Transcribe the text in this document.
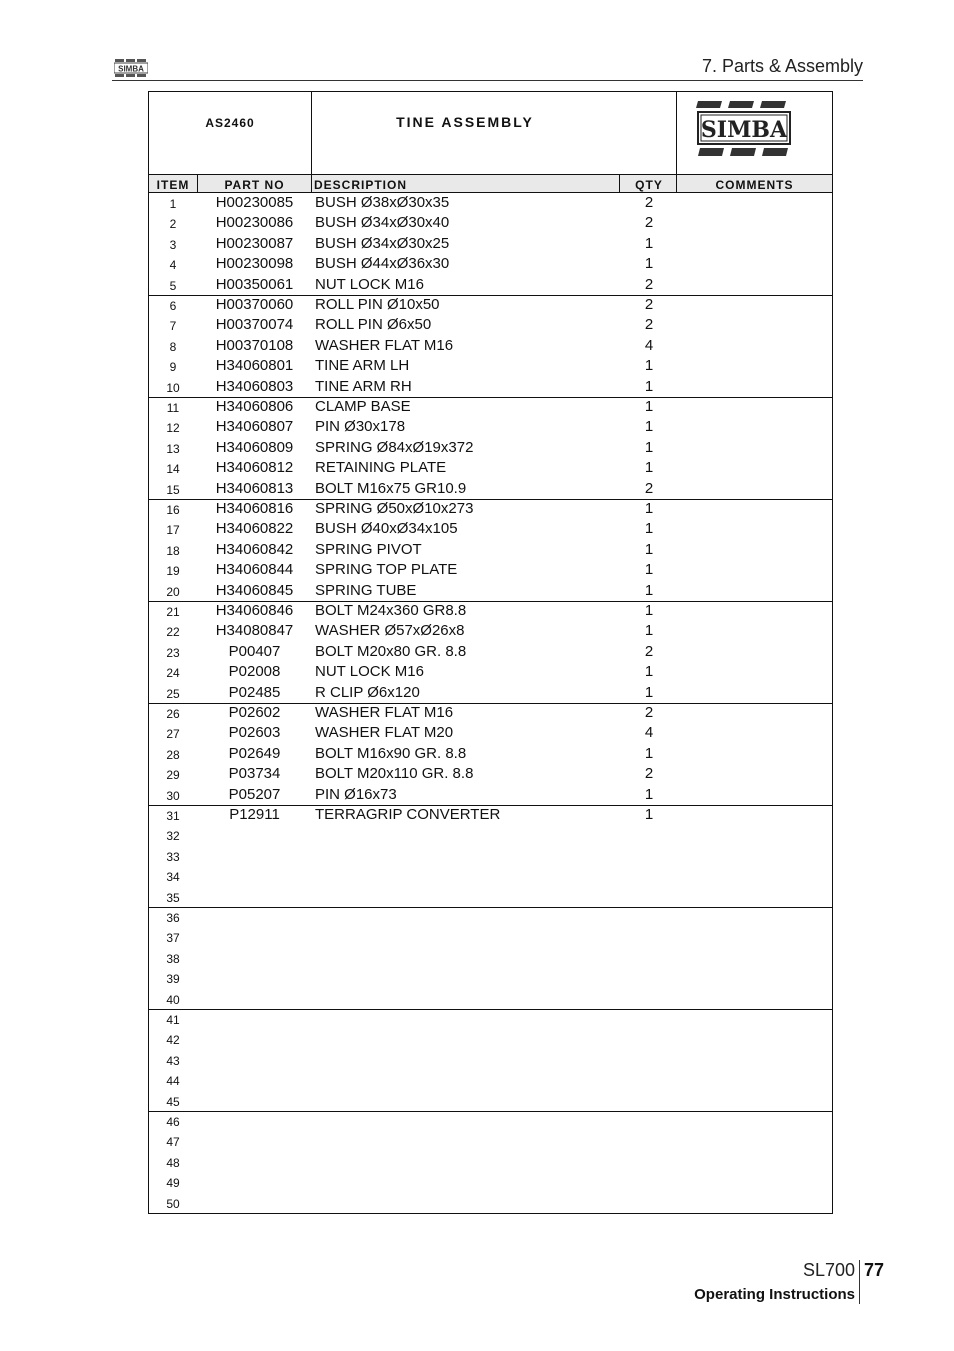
SIMBA	7. Parts & Assembly
AS2460	TINE ASSEMBLY	SIMBA
ITEM	PART NO	DESCRIPTION	QTY	COMMENTS
1	H00230085	BUSH Ø38xØ30x35	2
2	H00230086	BUSH Ø34xØ30x40	2
3	H00230087	BUSH Ø34xØ30x25	1
4	H00230098	BUSH Ø44xØ36x30	1
5	H00350061	NUT LOCK M16	2
6	H00370060	ROLL PIN Ø10x50	2
7	H00370074	ROLL PIN Ø6x50	2
8	H00370108	WASHER FLAT M16	4
9	H34060801	TINE ARM LH	1
10	H34060803	TINE ARM RH	1
11	H34060806	CLAMP BASE	1
12	H34060807	PIN Ø30x178	1
13	H34060809	SPRING Ø84xØ19x372	1
14	H34060812	RETAINING PLATE	1
15	H34060813	BOLT M16x75 GR10.9	2
16	H34060816	SPRING Ø50xØ10x273	1
17	H34060822	BUSH Ø40xØ34x105	1
18	H34060842	SPRING PIVOT	1
19	H34060844	SPRING TOP PLATE	1
20	H34060845	SPRING TUBE	1
21	H34060846	BOLT M24x360 GR8.8	1
22	H34080847	WASHER Ø57xØ26x8	1
23	P00407	BOLT M20x80 GR. 8.8	2
24	P02008	NUT LOCK M16	1
25	P02485	R CLIP Ø6x120	1
26	P02602	WASHER FLAT M16	2
27	P02603	WASHER FLAT M20	4
28	P02649	BOLT M16x90 GR. 8.8	1
29	P03734	BOLT M20x110 GR. 8.8	2
30	P05207	PIN Ø16x73	1
31	P12911	TERRAGRIP CONVERTER	1
32
33
34
35
36
37
38
39
40
41
42
43
44
45
46
47
48
49
50
SL700 77
Operating Instructions
